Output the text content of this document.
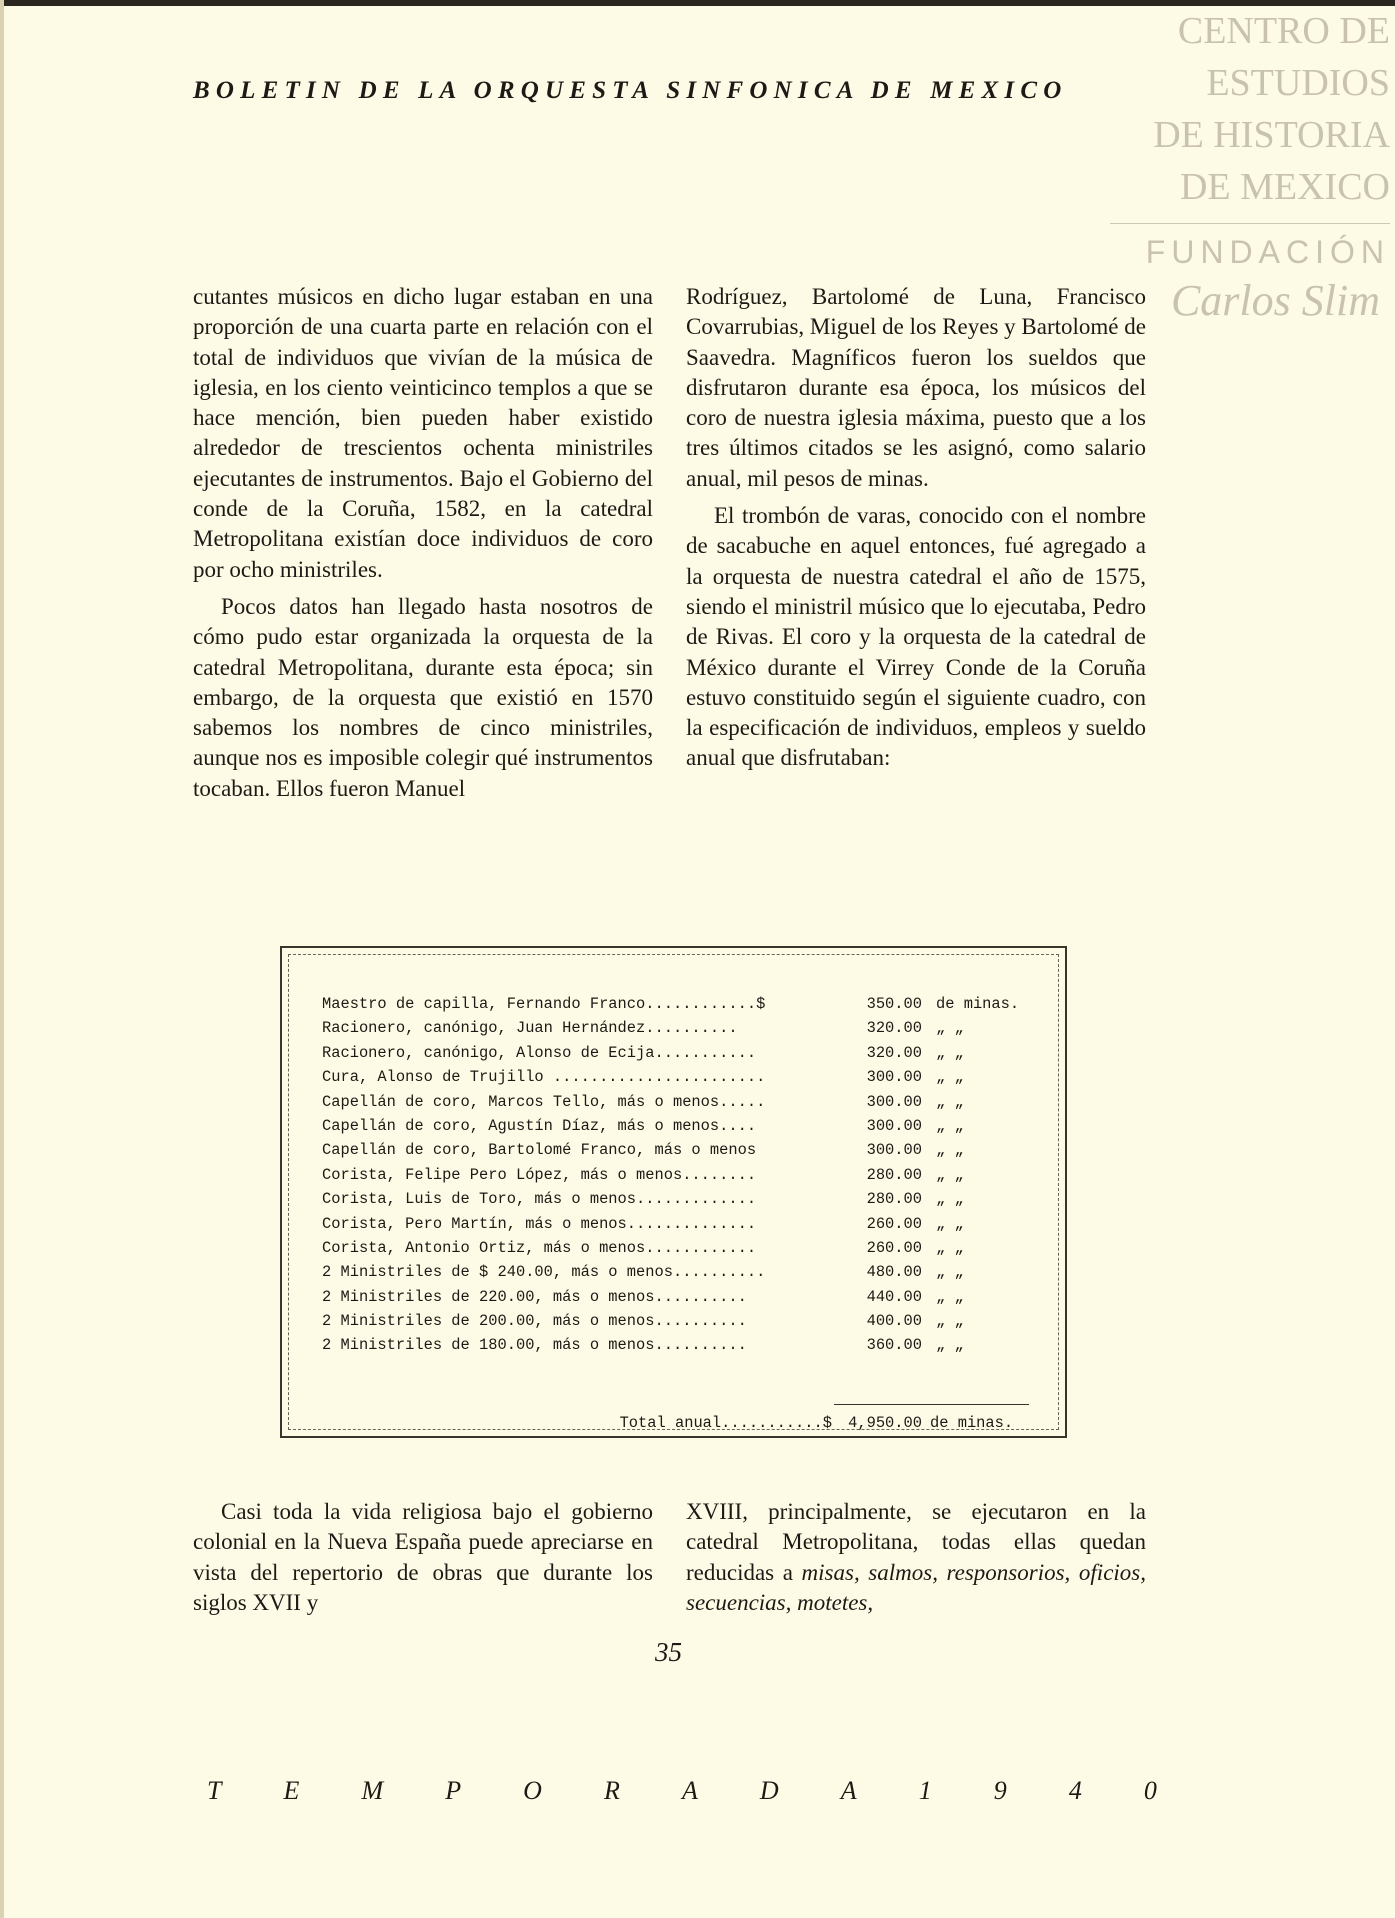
CENTRO DE
ESTUDIOS
DE HISTORIA
DE MEXICO
FUNDACIÓN
Carlos Slim
BOLETIN DE LA ORQUESTA SINFONICA DE MEXICO

cutantes músicos en dicho lugar estaban en una proporción de una cuarta parte en relación con el total de individuos que vivían de la música de iglesia, en los ciento veinticinco templos a que se hace mención, bien pueden haber existido alrededor de trescientos ochenta ministriles ejecutantes de instrumentos. Bajo el Gobierno del conde de la Coruña, 1582, en la catedral Metropolitana existían doce individuos de coro por ocho ministriles.

Pocos datos han llegado hasta nosotros de cómo pudo estar organizada la orquesta de la catedral Metropolitana, durante esta época; sin embargo, de la orquesta que existió en 1570 sabemos los nombres de cinco ministriles, aunque nos es imposible colegir qué instrumentos tocaban. Ellos fueron Manuel

Rodríguez, Bartolomé de Luna, Francisco Covarrubias, Miguel de los Reyes y Bartolomé de Saavedra. Magníficos fueron los sueldos que disfrutaron durante esa época, los músicos del coro de nuestra iglesia máxima, puesto que a los tres últimos citados se les asignó, como salario anual, mil pesos de minas.

El trombón de varas, conocido con el nombre de sacabuche en aquel entonces, fué agregado a la orquesta de nuestra catedral el año de 1575, siendo el ministril músico que lo ejecutaba, Pedro de Rivas. El coro y la orquesta de la catedral de México durante el Virrey Conde de la Coruña estuvo constituido según el siguiente cuadro, con la especificación de individuos, empleos y sueldo anual que disfrutaban:

Maestro de capilla, Fernando Franco............$	350.00 de minas.
Racionero, canónigo, Juan Hernández..........	320.00 „ „
Racionero, canónigo, Alonso de Ecija...........	320.00 „ „
Cura, Alonso de Trujillo .......................	300.00 „ „
Capellán de coro, Marcos Tello, más o menos.....	300.00 „ „
Capellán de coro, Agustín Díaz, más o menos....	300.00 „ „
Capellán de coro, Bartolomé Franco, más o menos	300.00 „ „
Corista, Felipe Pero López, más o menos........	280.00 „ „
Corista, Luis de Toro, más o menos.............	280.00 „ „
Corista, Pero Martín, más o menos..............	260.00 „ „
Corista, Antonio Ortiz, más o menos............	260.00 „ „
2 Ministriles de $ 240.00, más o menos..........	480.00 „ „
2 Ministriles de 220.00, más o menos..........	440.00 „ „
2 Ministriles de 200.00, más o menos..........	400.00 „ „
2 Ministriles de 180.00, más o menos..........	360.00 „ „
Total anual...........$	4,950.00 de minas.

Casi toda la vida religiosa bajo el gobierno colonial en la Nueva España puede apreciarse en vista del repertorio de obras que durante los siglos XVII y

XVIII, principalmente, se ejecutaron en la catedral Metropolitana, todas ellas quedan reducidas a misas, salmos, responsorios, oficios, secuencias, motetes,

35
T E M P O R A D A 1 9 4 0
